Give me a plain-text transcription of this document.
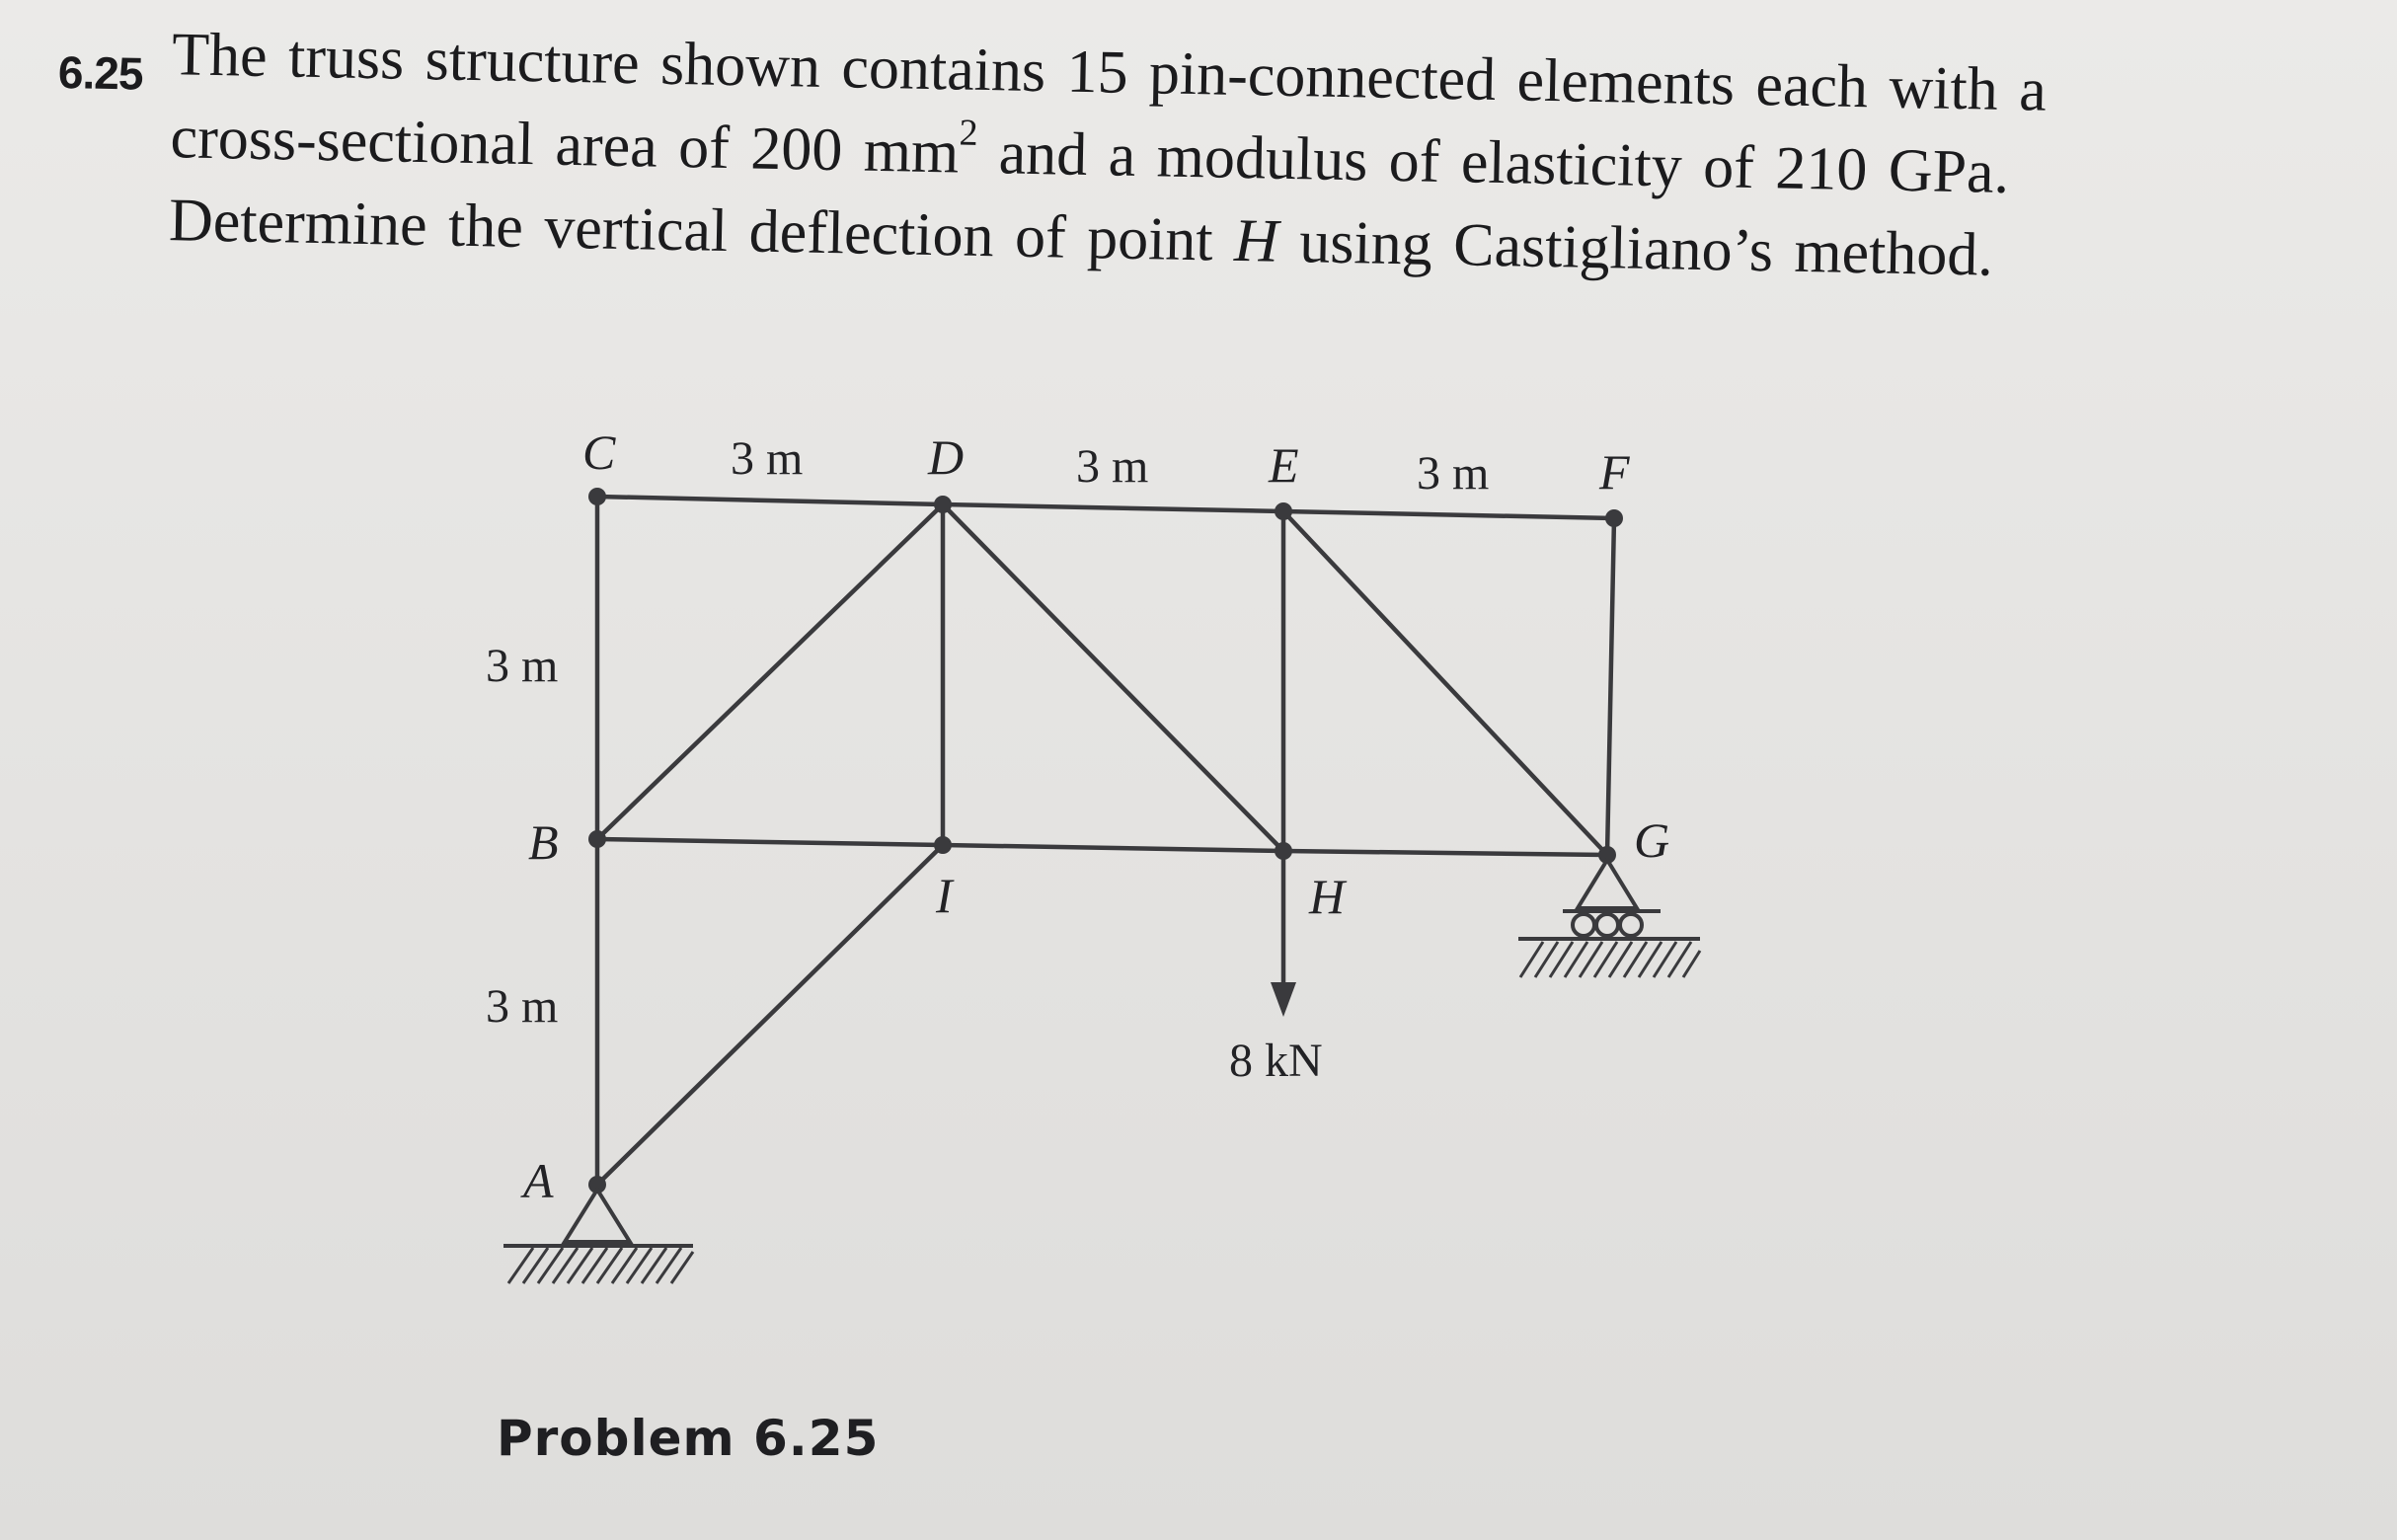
6.25 The truss structure shown contains 15 pin-connected elements each with a
cross-sectional area of 200 $mm^2$ and a modulus of elasticity of 210 GPa.
Determine the vertical deflection of point H using Castigliano’s method.
C	D	E	F
B
I	H
G
A
3 m	3 m	3 m
3 m
3 m
8 kN
Problem 6.25
